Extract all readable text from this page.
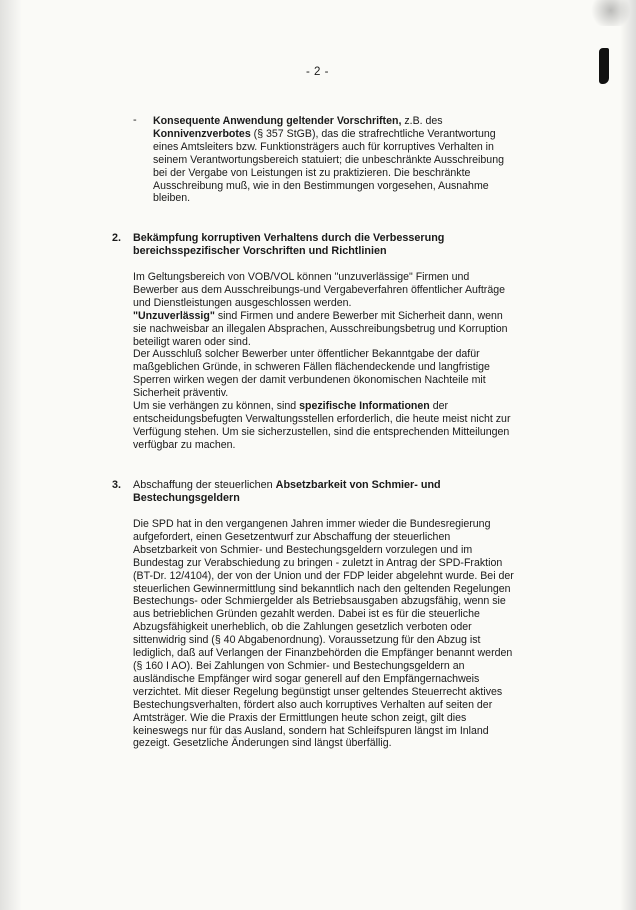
- 2 -
- Konsequente Anwendung geltender Vorschriften, z.B. des

Konnivenzverbotes (§ 357 StGB), das die strafrechtliche Verantwortung

eines Amtsleiters bzw. Funktionsträgers auch für korruptives Verhalten in

seinem Verantwortungsbereich statuiert; die unbeschränkte Ausschreibung

bei der Vergabe von Leistungen ist zu praktizieren. Die beschränkte

Ausschreibung muß, wie in den Bestimmungen vorgesehen, Ausnahme

bleiben.

2. Bekämpfung korruptiven Verhaltens durch die Verbesserung
bereichsspezifischer Vorschriften und Richtlinien

Im Geltungsbereich von VOB/VOL können "unzuverlässige" Firmen und

Bewerber aus dem Ausschreibungs-und Vergabeverfahren öffentlicher Aufträge

und Dienstleistungen ausgeschlossen werden.

"Unzuverlässig" sind Firmen und andere Bewerber mit Sicherheit dann, wenn

sie nachweisbar an illegalen Absprachen, Ausschreibungsbetrug und Korruption

beteiligt waren oder sind.

Der Ausschluß solcher Bewerber unter öffentlicher Bekanntgabe der dafür

maßgeblichen Gründe, in schweren Fällen flächendeckende und langfristige

Sperren wirken wegen der damit verbundenen ökonomischen Nachteile mit

Sicherheit präventiv.

Um sie verhängen zu können, sind spezifische Informationen der

entscheidungsbefugten Verwaltungsstellen erforderlich, die heute meist nicht zur

Verfügung stehen. Um sie sicherzustellen, sind die entsprechenden Mitteilungen

verfügbar zu machen.

3. Abschaffung der steuerlichen Absetzbarkeit von Schmier- und
Bestechungsgeldern

Die SPD hat in den vergangenen Jahren immer wieder die Bundesregierung

aufgefordert, einen Gesetzentwurf zur Abschaffung der steuerlichen

Absetzbarkeit von Schmier- und Bestechungsgeldern vorzulegen und im

Bundestag zur Verabschiedung zu bringen - zuletzt in Antrag der SPD-Fraktion

(BT-Dr. 12/4104), der von der Union und der FDP leider abgelehnt wurde. Bei der

steuerlichen Gewinnermittlung sind bekanntlich nach den geltenden Regelungen

Bestechungs- oder Schmiergelder als Betriebsausgaben abzugsfähig, wenn sie

aus betrieblichen Gründen gezahlt werden. Dabei ist es für die steuerliche

Abzugsfähigkeit unerheblich, ob die Zahlungen gesetzlich verboten oder

sittenwidrig sind (§ 40 Abgabenordnung). Voraussetzung für den Abzug ist

lediglich, daß auf Verlangen der Finanzbehörden die Empfänger benannt werden

(§ 160 I AO). Bei Zahlungen von Schmier- und Bestechungsgeldern an

ausländische Empfänger wird sogar generell auf den Empfängernachweis

verzichtet. Mit dieser Regelung begünstigt unser geltendes Steuerrecht aktives

Bestechungsverhalten, fördert also auch korruptives Verhalten auf seiten der

Amtsträger. Wie die Praxis der Ermittlungen heute schon zeigt, gilt dies

keineswegs nur für das Ausland, sondern hat Schleifspuren längst im Inland

gezeigt. Gesetzliche Änderungen sind längst überfällig.
